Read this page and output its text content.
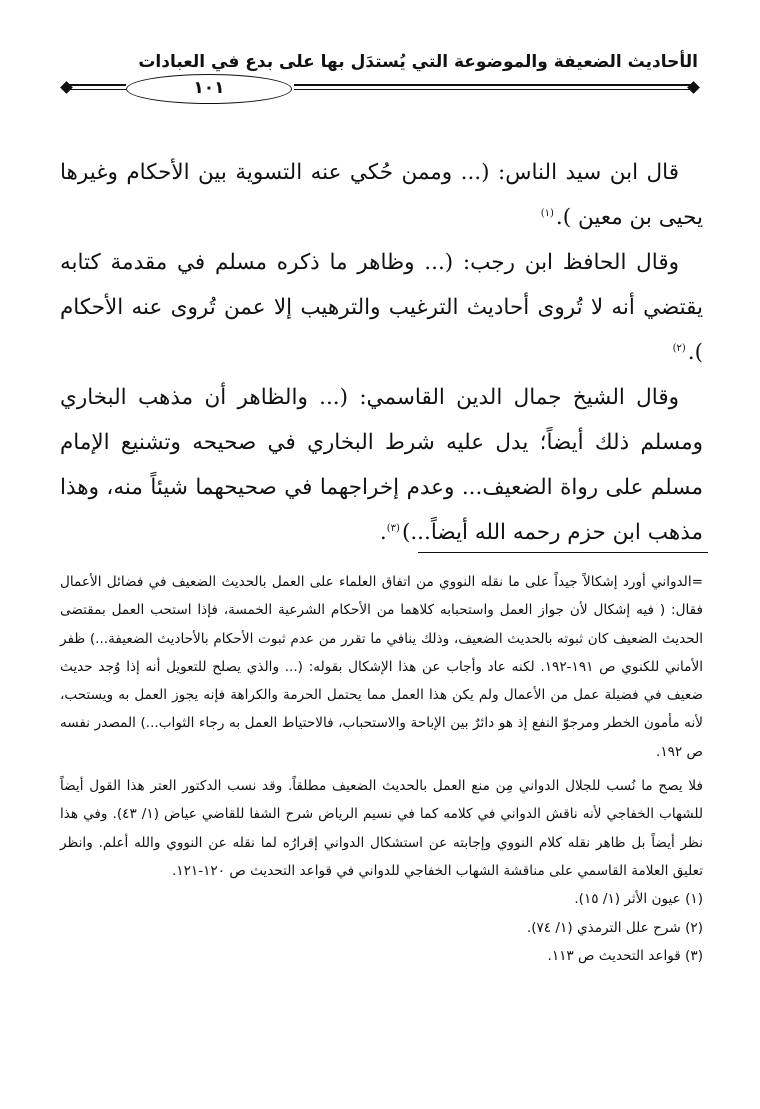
الأحاديث الضعيفة والموضوعة التي يُستدَل بها على بدع في العبادات
١٠١

قال ابن سيد الناس: (... وممن حُكي عنه التسوية بين الأحكام وغيرها يحيى بن معين ).$^{(١)}$

وقال الحافظ ابن رجب: (... وظاهر ما ذكره مسلم في مقدمة كتابه يقتضي أنه لا تُروى أحاديث الترغيب والترهيب إلا عمن تُروى عنه الأحكام ).$^{(٢)}$

وقال الشيخ جمال الدين القاسمي: (... والظاهر أن مذهب البخاري ومسلم ذلك أيضاً؛ يدل عليه شرط البخاري في صحيحه وتشنيع الإمام مسلم على رواة الضعيف... وعدم إخراجهما في صحيحهما شيئاً منه، وهذا مذهب ابن حزم رحمه الله أيضاً...)$^{(٣)}$.

=الدواني أورد إشكالاً جيداً على ما نقله النووي من اتفاق العلماء على العمل بالحديث الضعيف في فضائل الأعمال فقال: ( فيه إشكال لأن جواز العمل واستحبابه كلاهما من الأحكام الشرعية الخمسة، فإذا استحب العمل بمقتضى الحديث الضعيف كان ثبوته بالحديث الضعيف، وذلك ينافي ما تقرر من عدم ثبوت الأحكام بالأحاديث الضعيفة...) ظفر الأماني للكنوي ص ١٩١-١٩٢. لكنه عاد وأجاب عن هذا الإشكال بقوله: (... والذي يصلح للتعويل أنه إذا وُجد حديث ضعيف في فضيلة عمل من الأعمال ولم يكن هذا العمل مما يحتمل الحرمة والكراهة فإنه يجوز العمل به ويستحب، لأنه مأمون الخطر ومرجوّ النفع إذ هو دائرٌ بين الإباحة والاستحباب، فالاحتياط العمل به رجاء الثواب...) المصدر نفسه ص ١٩٢.

فلا يصح ما نُسب للجلال الدواني مِن منع العمل بالحديث الضعيف مطلقاً. وقد نسب الدكتور العتر هذا القول أيضاً للشهاب الخفاجي لأنه ناقش الدواني في كلامه كما في نسيم الرياض شرح الشفا للقاضي عياض (١/ ٤٣). وفي هذا نظر أيضاً بل ظاهر نقله كلام النووي وإجابته عن استشكال الدواني إقرارُه لما نقله عن النووي والله أعلم. وانظر تعليق العلامة القاسمي على مناقشة الشهاب الخفاجي للدواني في قواعد التحديث ص ١٢٠-١٢١.

(١) عيون الأثر (١/ ١٥).
(٢) شرح علل الترمذي (١/ ٧٤).
(٣) قواعد التحديث ص ١١٣.
